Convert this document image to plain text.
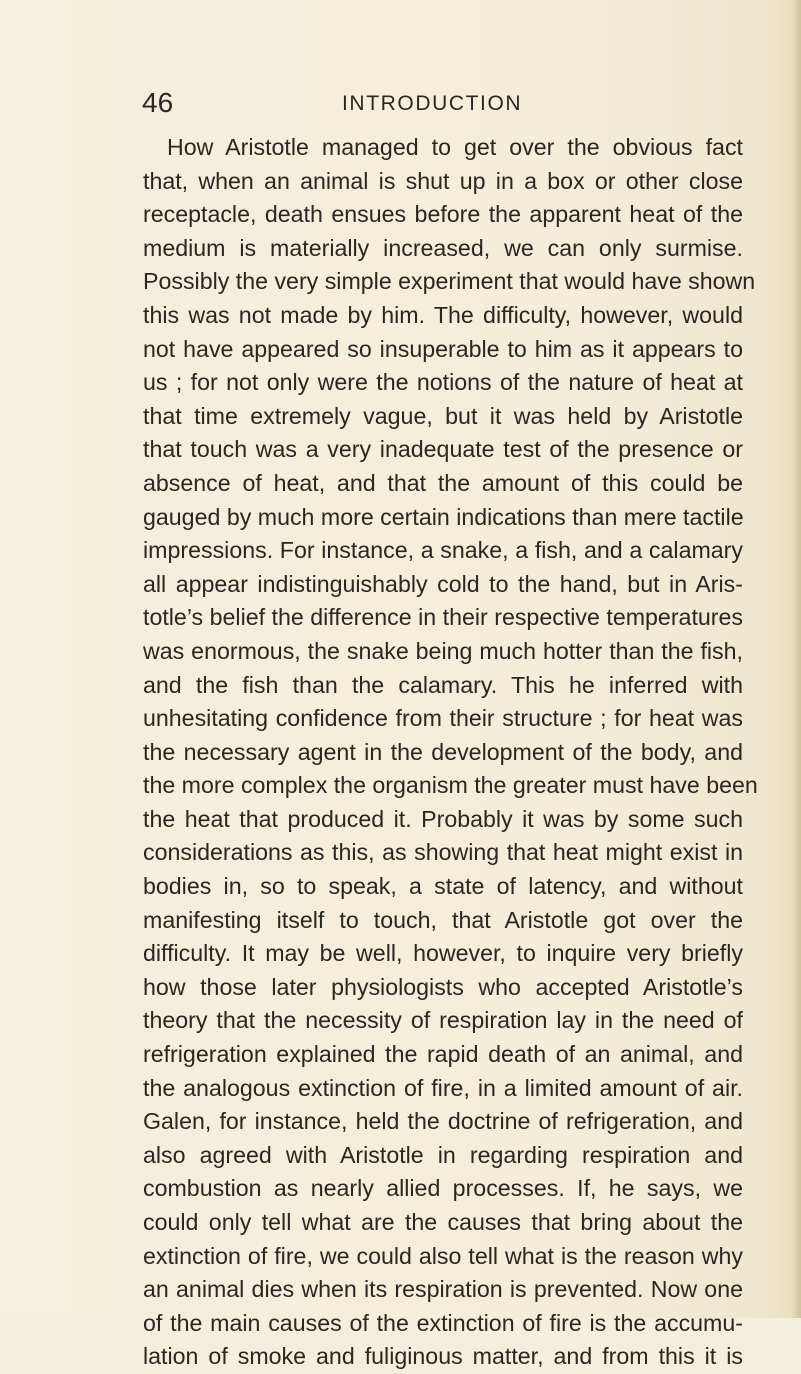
46	INTRODUCTION
How Aristotle managed to get over the obvious fact
that, when an animal is shut up in a box or other close
receptacle, death ensues before the apparent heat of the
medium is materially increased, we can only surmise.
Possibly the very simple experiment that would have shown
this was not made by him. The difficulty, however, would
not have appeared so insuperable to him as it appears to
us ; for not only were the notions of the nature of heat at
that time extremely vague, but it was held by Aristotle
that touch was a very inadequate test of the presence or
absence of heat, and that the amount of this could be
gauged by much more certain indications than mere tactile
impressions. For instance, a snake, a fish, and a calamary
all appear indistinguishably cold to the hand, but in Aris-
totle’s belief the difference in their respective temperatures
was enormous, the snake being much hotter than the fish,
and the fish than the calamary. This he inferred with
unhesitating confidence from their structure ; for heat was
the necessary agent in the development of the body, and
the more complex the organism the greater must have been
the heat that produced it. Probably it was by some such
considerations as this, as showing that heat might exist in
bodies in, so to speak, a state of latency, and without
manifesting itself to touch, that Aristotle got over the
difficulty. It may be well, however, to inquire very briefly
how those later physiologists who accepted Aristotle’s
theory that the necessity of respiration lay in the need of
refrigeration explained the rapid death of an animal, and
the analogous extinction of fire, in a limited amount of air.
Galen, for instance, held the doctrine of refrigeration, and
also agreed with Aristotle in regarding respiration and
combustion as nearly allied processes. If, he says, we
could only tell what are the causes that bring about the
extinction of fire, we could also tell what is the reason why
an animal dies when its respiration is prevented. Now one
of the main causes of the extinction of fire is the accumu-
lation of smoke and fuliginous matter, and from this it is
